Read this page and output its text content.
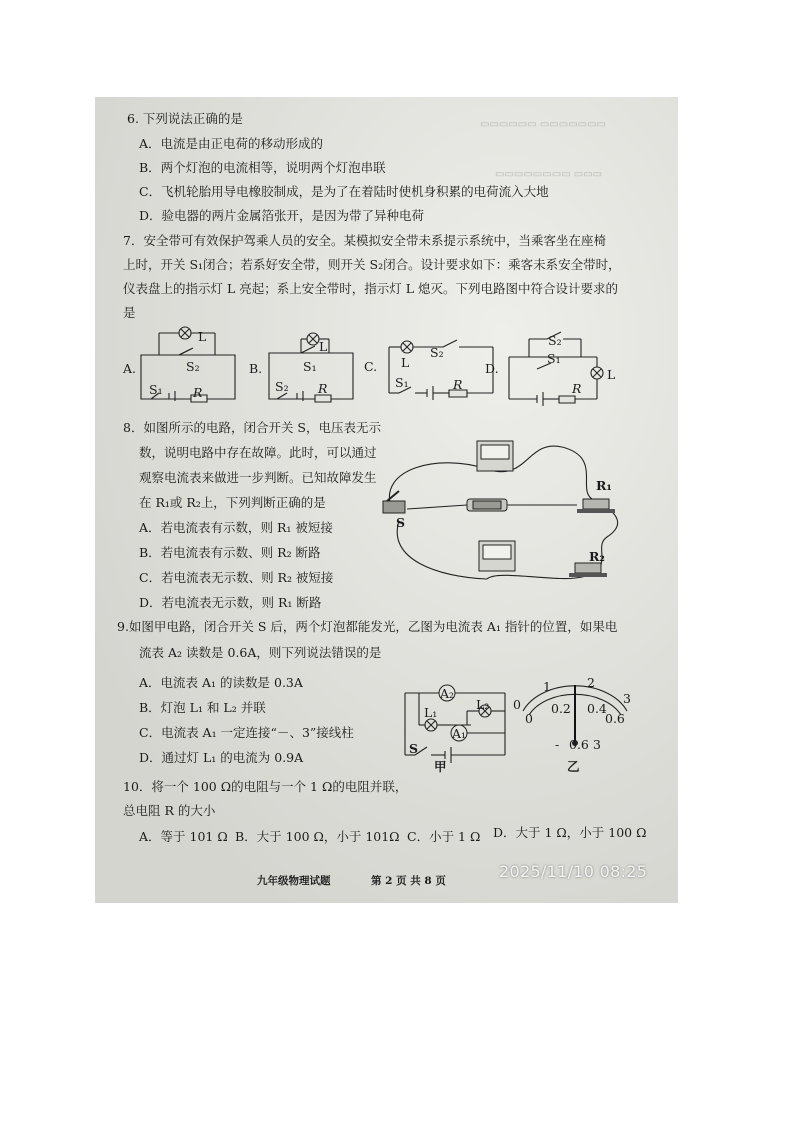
▭▭▭▭▭▭ ▭▭▭▭▭▭▭
▭▭▭▭▭▭▭▭ ▭▭▭
6. 下列说法正确的是
A．电流是由正电荷的移动形成的
B．两个灯泡的电流相等，说明两个灯泡串联
C．飞机轮胎用导电橡胶制成，是为了在着陆时使机身积累的电荷流入大地
D．验电器的两片金属箔张开，是因为带了异种电荷
7．安全带可有效保护驾乘人员的安全。某模拟安全带未系提示系统中，当乘客坐在座椅
上时，开关 S₁闭合；若系好安全带，则开关 S₂闭合。设计要求如下：乘客未系安全带时，
仪表盘上的指示灯 L 亮起；系上安全带时，指示灯 L 熄灭。下列电路图中符合设计要求的
是
A.
L
S₂
S₁ R
B.
L
S₁
S₂ R
C. L
S₂
S₁	R
D.
S₂
S₁
L
R
8．如图所示的电路，闭合开关 S，电压表无示
数，说明电路中存在故障。此时，可以通过
观察电流表来做进一步判断。已知故障发生
在 R₁或 R₂上，下列判断正确的是
A．若电流表有示数，则 R₁ 被短接
B．若电流表有示数、则 R₂ 断路
C．若电流表无示数、则 R₂ 被短接
D．若电流表无示数，则 R₁ 断路
S
R₁
R₂
9.如图甲电路，闭合开关 S 后，两个灯泡都能发光，乙图为电流表 A₁ 指针的位置，如果电
流表 A₂ 读数是 0.6A，则下列说法错误的是
A．电流表 A₁ 的读数是 0.3A
B．灯泡 L₁ 和 L₂ 并联
C．电流表 A₁ 一定连接“－、3”接线柱
D．通过灯 L₁ 的电流为 0.9A
A₂
L₁
L₂
A₁
S
甲
0
1	2
3
0
0.2 0.4
0.6
- 0.6 3
乙
10．将一个 100 Ω的电阻与一个 1 Ω的电阻并联，
总电阻 R 的大小
A．等于 101 Ω B．大于 100 Ω，小于 101Ω C．小于 1 Ω D．大于 1 Ω，小于 100 Ω
九年级物理试题	第 2 页 共 8 页	2025/11/10 08:25
